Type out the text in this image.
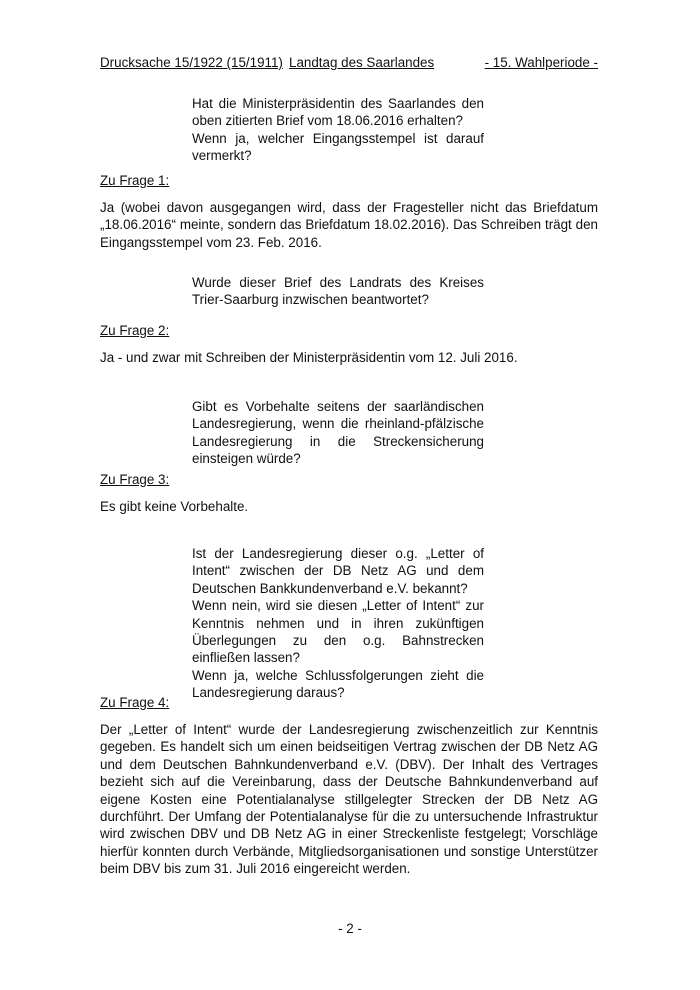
Drucksache 15/1922 (15/1911) Landtag des Saarlandes	- 15. Wahlperiode -

Hat die Ministerpräsidentin des Saarlandes den oben zitierten Brief vom 18.06.2016 erhalten?

Wenn ja, welcher Eingangsstempel ist darauf vermerkt?

Zu Frage 1:
Ja (wobei davon ausgegangen wird, dass der Fragesteller nicht das Briefdatum „18.06.2016“ meinte, sondern das Briefdatum 18.02.2016). Das Schreiben trägt den Eingangsstempel vom 23. Feb. 2016.

Wurde dieser Brief des Landrats des Kreises Trier-Saarburg inzwischen beantwortet?

Zu Frage 2:
Ja - und zwar mit Schreiben der Ministerpräsidentin vom 12. Juli 2016.

Gibt es Vorbehalte seitens der saarländischen Landesregierung, wenn die rheinland-pfälzische Landesregierung in die Streckensicherung einsteigen würde?

Zu Frage 3:
Es gibt keine Vorbehalte.

Ist der Landesregierung dieser o.g. „Letter of Intent“ zwischen der DB Netz AG und dem Deutschen Bankkundenverband e.V. bekannt?

Wenn nein, wird sie diesen „Letter of Intent“ zur Kenntnis nehmen und in ihren zukünftigen Überlegungen zu den o.g. Bahnstrecken einfließen lassen?

Wenn ja, welche Schlussfolgerungen zieht die Landesregierung daraus?

Zu Frage 4:
Der „Letter of Intent“ wurde der Landesregierung zwischenzeitlich zur Kenntnis gegeben. Es handelt sich um einen beidseitigen Vertrag zwischen der DB Netz AG und dem Deutschen Bahnkundenverband e.V. (DBV). Der Inhalt des Vertrages bezieht sich auf die Vereinbarung, dass der Deutsche Bahnkundenverband auf eigene Kosten eine Potentialanalyse stillgelegter Strecken der DB Netz AG durchführt. Der Umfang der Potentialanalyse für die zu untersuchende Infrastruktur wird zwischen DBV und DB Netz AG in einer Streckenliste festgelegt; Vorschläge hierfür konnten durch Verbände, Mitgliedsorganisationen und sonstige Unterstützer beim DBV bis zum 31. Juli 2016 eingereicht werden.
- 2 -
